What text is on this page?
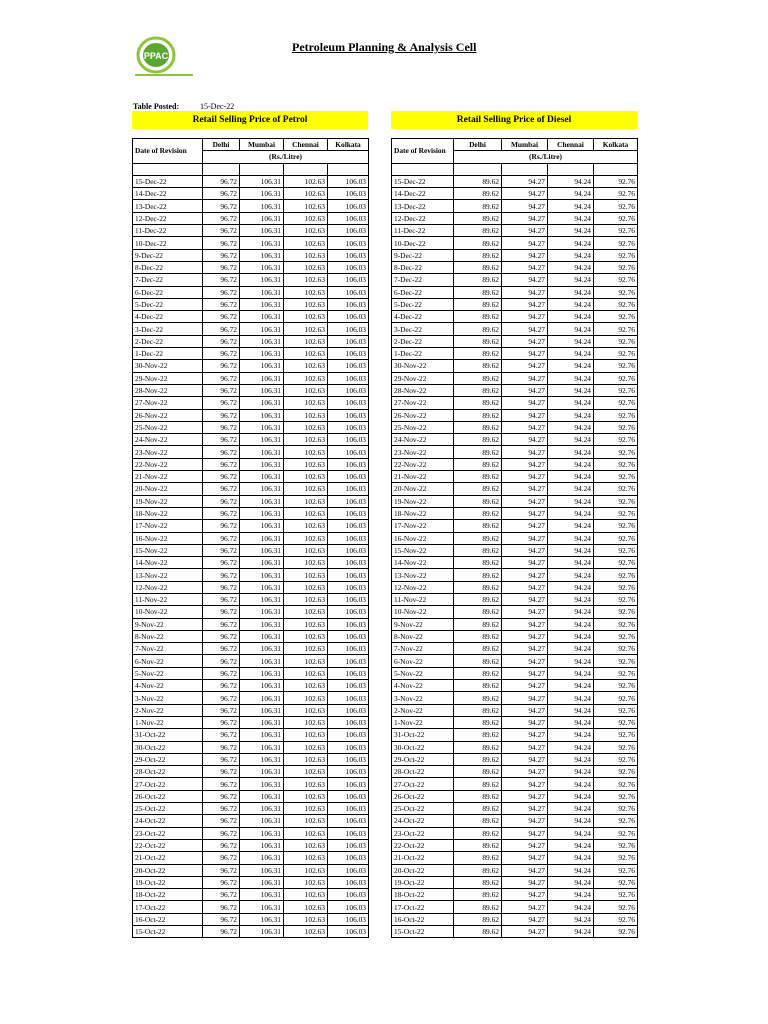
PPAC
Petroleum Planning & Analysis Cell
Table Posted:	15-Dec-22
Retail Selling Price of Petrol	Retail Selling Price of Diesel
Date of Revision	Delhi	Mumbai	Chennai	Kolkata
	(Rs./Litre)			

15-Dec-22	96.72	106.31	102.63	106.03
14-Dec-22	96.72	106.31	102.63	106.03
13-Dec-22	96.72	106.31	102.63	106.03
12-Dec-22	96.72	106.31	102.63	106.03
11-Dec-22	96.72	106.31	102.63	106.03
10-Dec-22	96.72	106.31	102.63	106.03
9-Dec-22	96.72	106.31	102.63	106.03
8-Dec-22	96.72	106.31	102.63	106.03
7-Dec-22	96.72	106.31	102.63	106.03
6-Dec-22	96.72	106.31	102.63	106.03
5-Dec-22	96.72	106.31	102.63	106.03
4-Dec-22	96.72	106.31	102.63	106.03
3-Dec-22	96.72	106.31	102.63	106.03
2-Dec-22	96.72	106.31	102.63	106.03
1-Dec-22	96.72	106.31	102.63	106.03
30-Nov-22	96.72	106.31	102.63	106.03
29-Nov-22	96.72	106.31	102.63	106.03
28-Nov-22	96.72	106.31	102.63	106.03
27-Nov-22	96.72	106.31	102.63	106.03
26-Nov-22	96.72	106.31	102.63	106.03
25-Nov-22	96.72	106.31	102.63	106.03
24-Nov-22	96.72	106.31	102.63	106.03
23-Nov-22	96.72	106.31	102.63	106.03
22-Nov-22	96.72	106.31	102.63	106.03
21-Nov-22	96.72	106.31	102.63	106.03
20-Nov-22	96.72	106.31	102.63	106.03
19-Nov-22	96.72	106.31	102.63	106.03
18-Nov-22	96.72	106.31	102.63	106.03
17-Nov-22	96.72	106.31	102.63	106.03
16-Nov-22	96.72	106.31	102.63	106.03
15-Nov-22	96.72	106.31	102.63	106.03
14-Nov-22	96.72	106.31	102.63	106.03
13-Nov-22	96.72	106.31	102.63	106.03
12-Nov-22	96.72	106.31	102.63	106.03
11-Nov-22	96.72	106.31	102.63	106.03
10-Nov-22	96.72	106.31	102.63	106.03
9-Nov-22	96.72	106.31	102.63	106.03
8-Nov-22	96.72	106.31	102.63	106.03
7-Nov-22	96.72	106.31	102.63	106.03
6-Nov-22	96.72	106.31	102.63	106.03
5-Nov-22	96.72	106.31	102.63	106.03
4-Nov-22	96.72	106.31	102.63	106.03
3-Nov-22	96.72	106.31	102.63	106.03
2-Nov-22	96.72	106.31	102.63	106.03
1-Nov-22	96.72	106.31	102.63	106.03
31-Oct-22	96.72	106.31	102.63	106.03
30-Oct-22	96.72	106.31	102.63	106.03
29-Oct-22	96.72	106.31	102.63	106.03
28-Oct-22	96.72	106.31	102.63	106.03
27-Oct-22	96.72	106.31	102.63	106.03
26-Oct-22	96.72	106.31	102.63	106.03
25-Oct-22	96.72	106.31	102.63	106.03
24-Oct-22	96.72	106.31	102.63	106.03
23-Oct-22	96.72	106.31	102.63	106.03
22-Oct-22	96.72	106.31	102.63	106.03
21-Oct-22	96.72	106.31	102.63	106.03
20-Oct-22	96.72	106.31	102.63	106.03
19-Oct-22	96.72	106.31	102.63	106.03
18-Oct-22	96.72	106.31	102.63	106.03
17-Oct-22	96.72	106.31	102.63	106.03
16-Oct-22	96.72	106.31	102.63	106.03
15-Oct-22	96.72	106.31	102.63	106.03
Date of Revision	Delhi	Mumbai	Chennai	Kolkata
	(Rs./Litre)			

15-Dec-22	89.62	94.27	94.24	92.76
14-Dec-22	89.62	94.27	94.24	92.76
13-Dec-22	89.62	94.27	94.24	92.76
12-Dec-22	89.62	94.27	94.24	92.76
11-Dec-22	89.62	94.27	94.24	92.76
10-Dec-22	89.62	94.27	94.24	92.76
9-Dec-22	89.62	94.27	94.24	92.76
8-Dec-22	89.62	94.27	94.24	92.76
7-Dec-22	89.62	94.27	94.24	92.76
6-Dec-22	89.62	94.27	94.24	92.76
5-Dec-22	89.62	94.27	94.24	92.76
4-Dec-22	89.62	94.27	94.24	92.76
3-Dec-22	89.62	94.27	94.24	92.76
2-Dec-22	89.62	94.27	94.24	92.76
1-Dec-22	89.62	94.27	94.24	92.76
30-Nov-22	89.62	94.27	94.24	92.76
29-Nov-22	89.62	94.27	94.24	92.76
28-Nov-22	89.62	94.27	94.24	92.76
27-Nov-22	89.62	94.27	94.24	92.76
26-Nov-22	89.62	94.27	94.24	92.76
25-Nov-22	89.62	94.27	94.24	92.76
24-Nov-22	89.62	94.27	94.24	92.76
23-Nov-22	89.62	94.27	94.24	92.76
22-Nov-22	89.62	94.27	94.24	92.76
21-Nov-22	89.62	94.27	94.24	92.76
20-Nov-22	89.62	94.27	94.24	92.76
19-Nov-22	89.62	94.27	94.24	92.76
18-Nov-22	89.62	94.27	94.24	92.76
17-Nov-22	89.62	94.27	94.24	92.76
16-Nov-22	89.62	94.27	94.24	92.76
15-Nov-22	89.62	94.27	94.24	92.76
14-Nov-22	89.62	94.27	94.24	92.76
13-Nov-22	89.62	94.27	94.24	92.76
12-Nov-22	89.62	94.27	94.24	92.76
11-Nov-22	89.62	94.27	94.24	92.76
10-Nov-22	89.62	94.27	94.24	92.76
9-Nov-22	89.62	94.27	94.24	92.76
8-Nov-22	89.62	94.27	94.24	92.76
7-Nov-22	89.62	94.27	94.24	92.76
6-Nov-22	89.62	94.27	94.24	92.76
5-Nov-22	89.62	94.27	94.24	92.76
4-Nov-22	89.62	94.27	94.24	92.76
3-Nov-22	89.62	94.27	94.24	92.76
2-Nov-22	89.62	94.27	94.24	92.76
1-Nov-22	89.62	94.27	94.24	92.76
31-Oct-22	89.62	94.27	94.24	92.76
30-Oct-22	89.62	94.27	94.24	92.76
29-Oct-22	89.62	94.27	94.24	92.76
28-Oct-22	89.62	94.27	94.24	92.76
27-Oct-22	89.62	94.27	94.24	92.76
26-Oct-22	89.62	94.27	94.24	92.76
25-Oct-22	89.62	94.27	94.24	92.76
24-Oct-22	89.62	94.27	94.24	92.76
23-Oct-22	89.62	94.27	94.24	92.76
22-Oct-22	89.62	94.27	94.24	92.76
21-Oct-22	89.62	94.27	94.24	92.76
20-Oct-22	89.62	94.27	94.24	92.76
19-Oct-22	89.62	94.27	94.24	92.76
18-Oct-22	89.62	94.27	94.24	92.76
17-Oct-22	89.62	94.27	94.24	92.76
16-Oct-22	89.62	94.27	94.24	92.76
15-Oct-22	89.62	94.27	94.24	92.76
